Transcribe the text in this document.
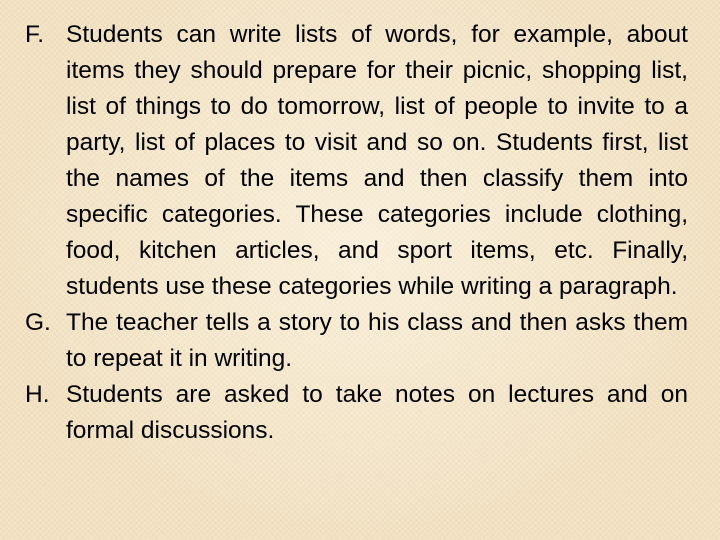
F. Students can write lists of words, for example, about items they should prepare for their picnic, shopping list, list of things to do tomorrow, list of people to invite to a party, list of places to visit and so on. Students first, list the names of the items and then classify them into specific categories. These categories include clothing, food, kitchen articles, and sport items, etc. Finally, students use these categories while writing a paragraph.
G. The teacher tells a story to his class and then asks them to repeat it in writing.
H. Students are asked to take notes on lectures and on formal discussions.
